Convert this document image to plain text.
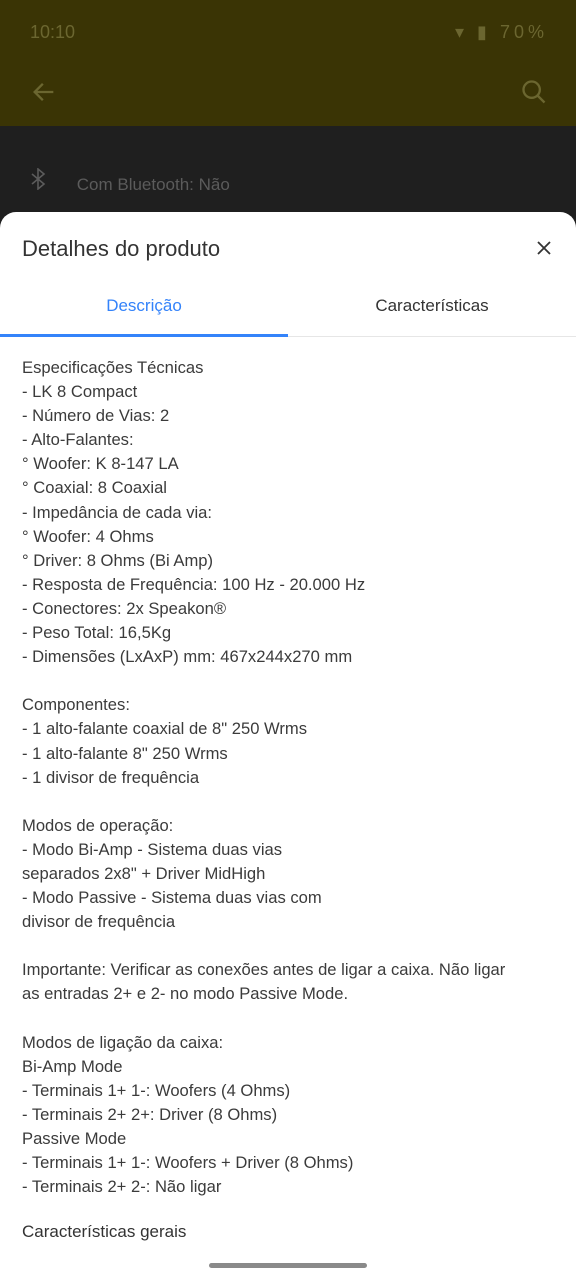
10:10	▾ ▮ 70%
Com Bluetooth: Não
Detalhes do produto
Descrição	Características
Especificações Técnicas
- LK 8 Compact
- Número de Vias: 2
- Alto-Falantes:
° Woofer: K 8-147 LA
° Coaxial: 8 Coaxial
- Impedância de cada via:
° Woofer: 4 Ohms
° Driver: 8 Ohms (Bi Amp)
- Resposta de Frequência: 100 Hz - 20.000 Hz
- Conectores: 2x Speakon®
- Peso Total: 16,5Kg
- Dimensões (LxAxP) mm: 467x244x270 mm
Componentes:
- 1 alto-falante coaxial de 8" 250 Wrms
- 1 alto-falante 8" 250 Wrms
- 1 divisor de frequência
Modos de operação:
- Modo Bi-Amp - Sistema duas vias
separados 2x8" + Driver MidHigh
- Modo Passive - Sistema duas vias com
divisor de frequência
Importante: Verificar as conexões antes de ligar a caixa. Não ligar
as entradas 2+ e 2- no modo Passive Mode.
Modos de ligação da caixa:
Bi-Amp Mode
- Terminais 1+ 1-: Woofers (4 Ohms)
- Terminais 2+ 2+: Driver (8 Ohms)
Passive Mode
- Terminais 1+ 1-: Woofers + Driver (8 Ohms)
- Terminais 2+ 2-: Não ligar
Características gerais
